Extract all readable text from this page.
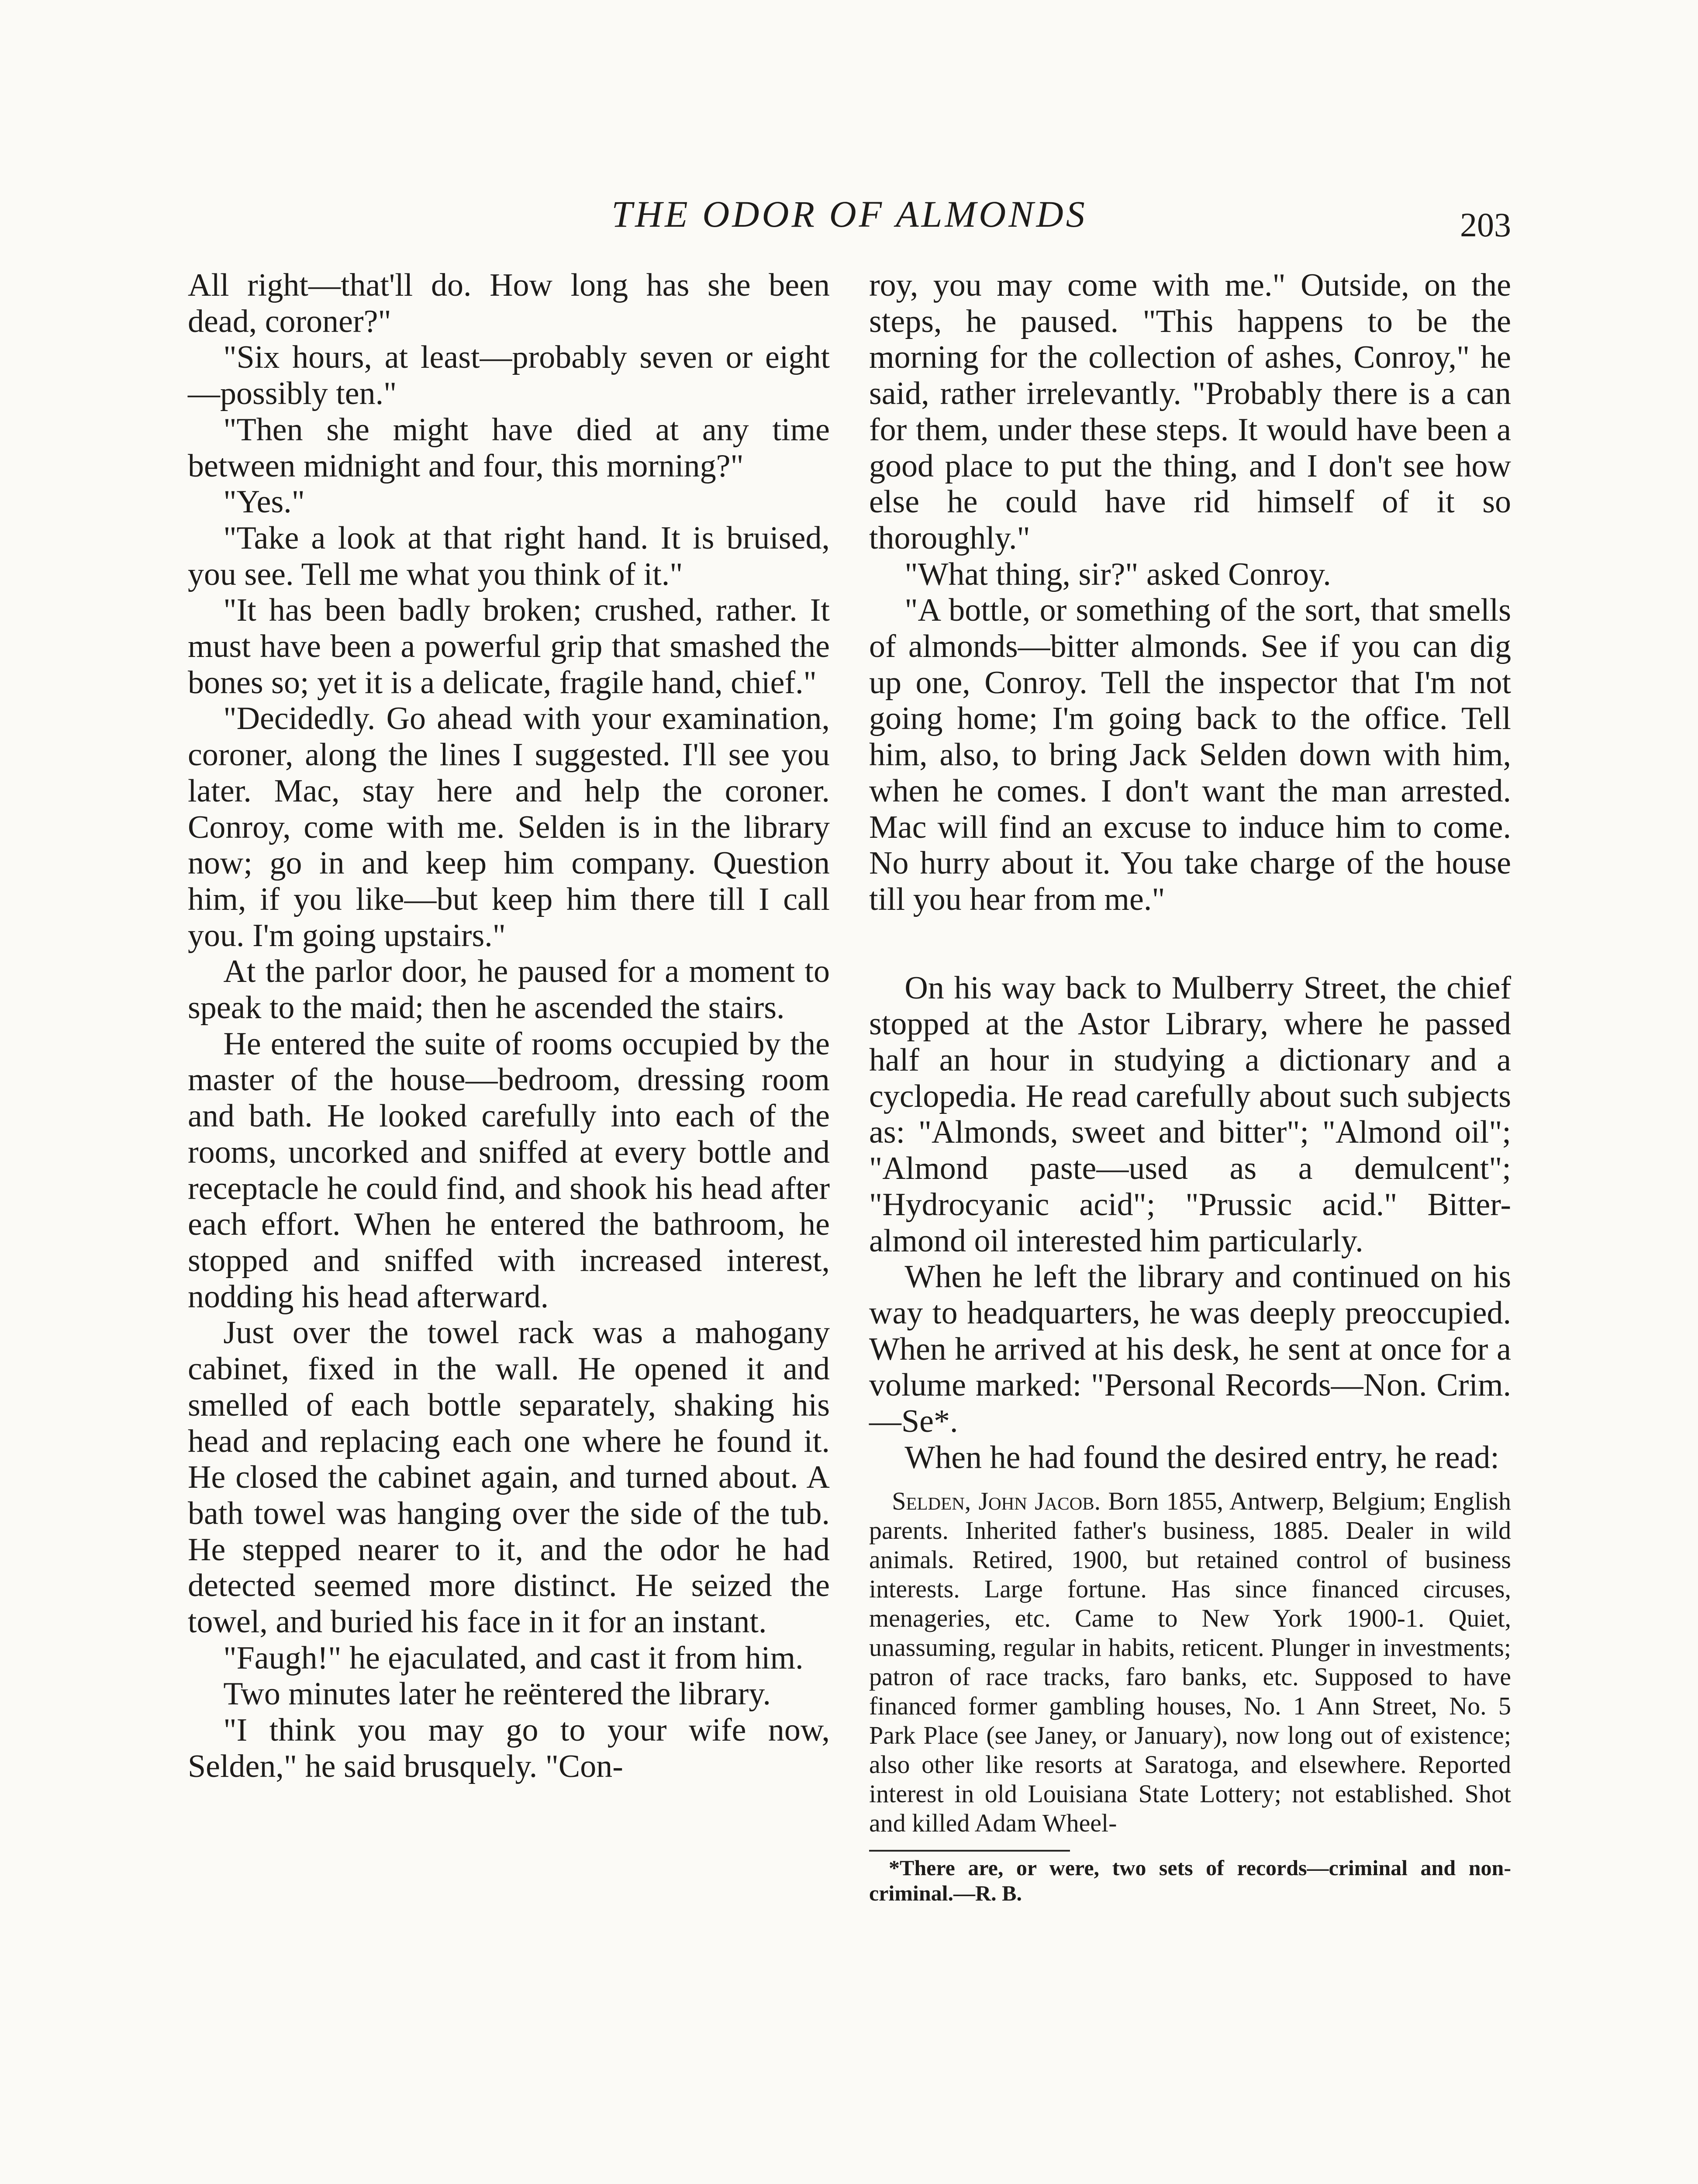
THE ODOR OF ALMONDS	203

All right—that'll do. How long has she been dead, coroner?"

"Six hours, at least—probably seven or eight—possibly ten."

"Then she might have died at any time between midnight and four, this morning?"

"Yes."

"Take a look at that right hand. It is bruised, you see. Tell me what you think of it."

"It has been badly broken; crushed, rather. It must have been a powerful grip that smashed the bones so; yet it is a delicate, fragile hand, chief."

"Decidedly. Go ahead with your examination, coroner, along the lines I suggested. I'll see you later. Mac, stay here and help the coroner. Conroy, come with me. Selden is in the library now; go in and keep him company. Question him, if you like—but keep him there till I call you. I'm going upstairs."

At the parlor door, he paused for a moment to speak to the maid; then he ascended the stairs.

He entered the suite of rooms occupied by the master of the house—bedroom, dressing room and bath. He looked carefully into each of the rooms, uncorked and sniffed at every bottle and receptacle he could find, and shook his head after each effort. When he entered the bathroom, he stopped and sniffed with increased interest, nodding his head afterward.

Just over the towel rack was a mahogany cabinet, fixed in the wall. He opened it and smelled of each bottle separately, shaking his head and replacing each one where he found it. He closed the cabinet again, and turned about. A bath towel was hanging over the side of the tub. He stepped nearer to it, and the odor he had detected seemed more distinct. He seized the towel, and buried his face in it for an instant.

"Faugh!" he ejaculated, and cast it from him.

Two minutes later he reëntered the library.

"I think you may go to your wife now, Selden," he said brusquely. "Con-

roy, you may come with me." Outside, on the steps, he paused. "This happens to be the morning for the collection of ashes, Conroy," he said, rather irrelevantly. "Probably there is a can for them, under these steps. It would have been a good place to put the thing, and I don't see how else he could have rid himself of it so thoroughly."

"What thing, sir?" asked Conroy.

"A bottle, or something of the sort, that smells of almonds—bitter almonds. See if you can dig up one, Conroy. Tell the inspector that I'm not going home; I'm going back to the office. Tell him, also, to bring Jack Selden down with him, when he comes. I don't want the man arrested. Mac will find an excuse to induce him to come. No hurry about it. You take charge of the house till you hear from me."

On his way back to Mulberry Street, the chief stopped at the Astor Library, where he passed half an hour in studying a dictionary and a cyclopedia. He read carefully about such subjects as: "Almonds, sweet and bitter"; "Almond oil"; "Almond paste—used as a demulcent"; "Hydrocyanic acid"; "Prussic acid." Bitter-almond oil interested him particularly.

When he left the library and continued on his way to headquarters, he was deeply preoccupied. When he arrived at his desk, he sent at once for a volume marked: "Personal Records—Non. Crim.—Se*.

When he had found the desired entry, he read:

Selden, John Jacob. Born 1855, Antwerp, Belgium; English parents. Inherited father's business, 1885. Dealer in wild animals. Retired, 1900, but retained control of business interests. Large fortune. Has since financed circuses, menageries, etc. Came to New York 1900-1. Quiet, unassuming, regular in habits, reticent. Plunger in investments; patron of race tracks, faro banks, etc. Supposed to have financed former gambling houses, No. 1 Ann Street, No. 5 Park Place (see Janey, or January), now long out of existence; also other like resorts at Saratoga, and elsewhere. Reported interest in old Louisiana State Lottery; not established. Shot and killed Adam Wheel-
*There are, or were, two sets of records—criminal and non-criminal.—R. B.
